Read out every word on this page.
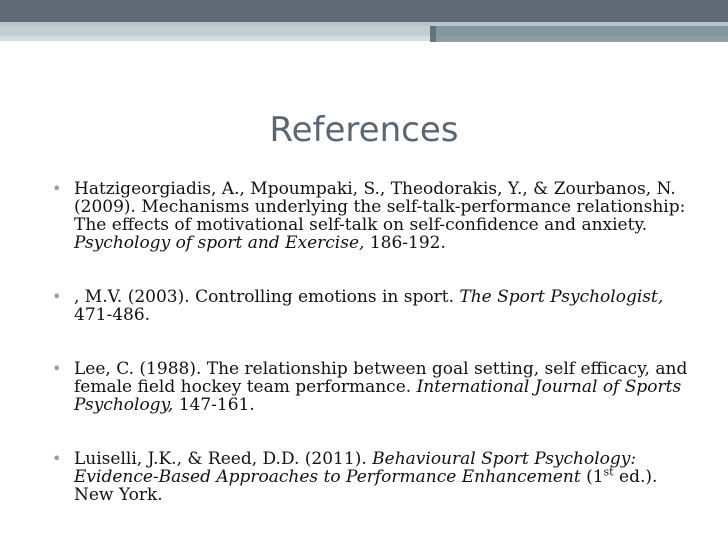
References
• Hatzigeorgiadis, A., Mpoumpaki, S., Theodorakis, Y., & Zourbanos, N. (2009). Mechanisms underlying the self-talk-performance relationship: The effects of motivational self-talk on self-confidence and anxiety. Psychology of sport and Exercise, 186-192.
• , M.V. (2003). Controlling emotions in sport. The Sport Psychologist, 471-486.
• Lee, C. (1988). The relationship between goal setting, self efficacy, and female field hockey team performance. International Journal of Sports Psychology, 147-161.
• Luiselli, J.K., & Reed, D.D. (2011). Behavioural Sport Psychology: Evidence-Based Approaches to Performance Enhancement (1st ed.). New York.
